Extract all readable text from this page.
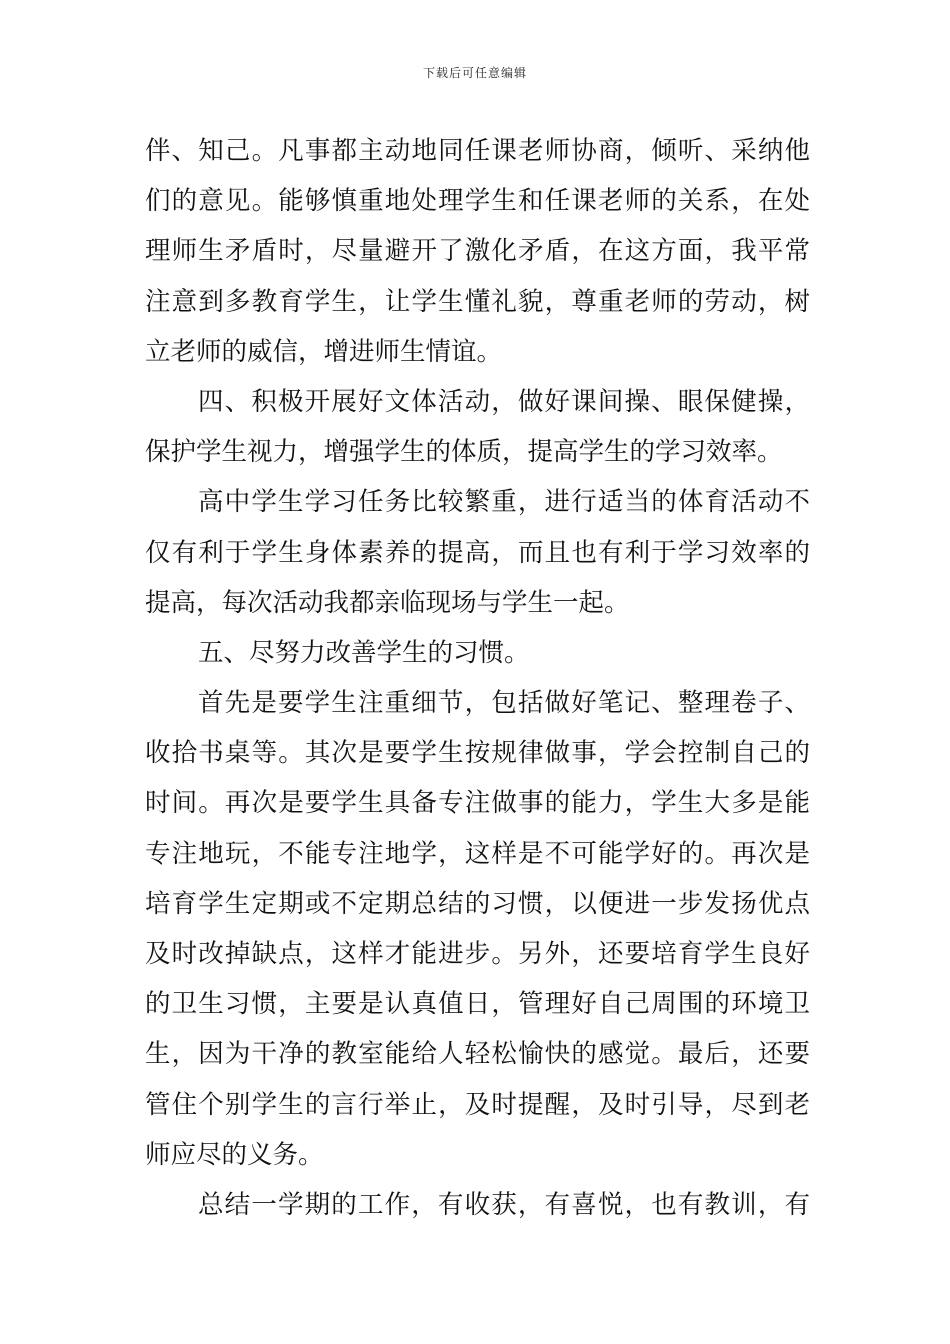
下载后可任意编辑
伴、知己。凡事都主动地同任课老师协商，倾听、采纳他
们的意见。能够慎重地处理学生和任课老师的关系，在处
理师生矛盾时，尽量避开了激化矛盾，在这方面，我平常
注意到多教育学生，让学生懂礼貌，尊重老师的劳动，树
立老师的威信，增进师生情谊。
四、积极开展好文体活动，做好课间操、眼保健操，
保护学生视力，增强学生的体质，提高学生的学习效率。
高中学生学习任务比较繁重，进行适当的体育活动不
仅有利于学生身体素养的提高，而且也有利于学习效率的
提高，每次活动我都亲临现场与学生一起。
五、尽努力改善学生的习惯。
首先是要学生注重细节，包括做好笔记、整理卷子、
收拾书桌等。其次是要学生按规律做事，学会控制自己的
时间。再次是要学生具备专注做事的能力，学生大多是能
专注地玩，不能专注地学，这样是不可能学好的。再次是
培育学生定期或不定期总结的习惯，以便进一步发扬优点
及时改掉缺点，这样才能进步。另外，还要培育学生良好
的卫生习惯，主要是认真值日，管理好自己周围的环境卫
生，因为干净的教室能给人轻松愉快的感觉。最后，还要
管住个别学生的言行举止，及时提醒，及时引导，尽到老
师应尽的义务。
总结一学期的工作，有收获，有喜悦，也有教训，有
